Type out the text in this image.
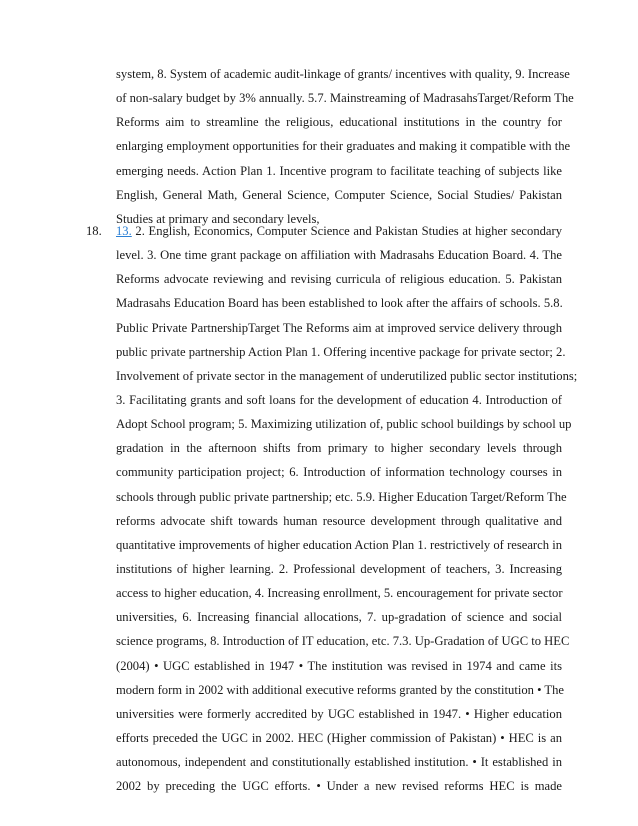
system, 8. System of academic audit-linkage of grants/ incentives with quality, 9. Increase
of non-salary budget by 3% annually. 5.7. Mainstreaming of MadrasahsTarget/Reform The
Reforms aim to streamline the religious, educational institutions in the country for
enlarging employment opportunities for their graduates and making it compatible with the
emerging needs. Action Plan 1. Incentive program to facilitate teaching of subjects like
English, General Math, General Science, Computer Science, Social Studies/ Pakistan
Studies at primary and secondary levels,
18. 13. 2. English, Economics, Computer Science and Pakistan Studies at higher secondary
level. 3. One time grant package on affiliation with Madrasahs Education Board. 4. The
Reforms advocate reviewing and revising curricula of religious education. 5. Pakistan
Madrasahs Education Board has been established to look after the affairs of schools. 5.8.
Public Private PartnershipTarget The Reforms aim at improved service delivery through
public private partnership Action Plan 1. Offering incentive package for private sector; 2.
Involvement of private sector in the management of underutilized public sector institutions;
3. Facilitating grants and soft loans for the development of education 4. Introduction of
Adopt School program; 5. Maximizing utilization of, public school buildings by school up
gradation in the afternoon shifts from primary to higher secondary levels through
community participation project; 6. Introduction of information technology courses in
schools through public private partnership; etc. 5.9. Higher Education Target/Reform The
reforms advocate shift towards human resource development through qualitative and
quantitative improvements of higher education Action Plan 1. restrictively of research in
institutions of higher learning. 2. Professional development of teachers, 3. Increasing
access to higher education, 4. Increasing enrollment, 5. encouragement for private sector
universities, 6. Increasing financial allocations, 7. up-gradation of science and social
science programs, 8. Introduction of IT education, etc. 7.3. Up-Gradation of UGC to HEC
(2004) • UGC established in 1947 • The institution was revised in 1974 and came its
modern form in 2002 with additional executive reforms granted by the constitution • The
universities were formerly accredited by UGC established in 1947. • Higher education
efforts preceded the UGC in 2002. HEC (Higher commission of Pakistan) • HEC is an
autonomous, independent and constitutionally established institution. • It established in
2002 by preceding the UGC efforts. • Under a new revised reforms HEC is made
